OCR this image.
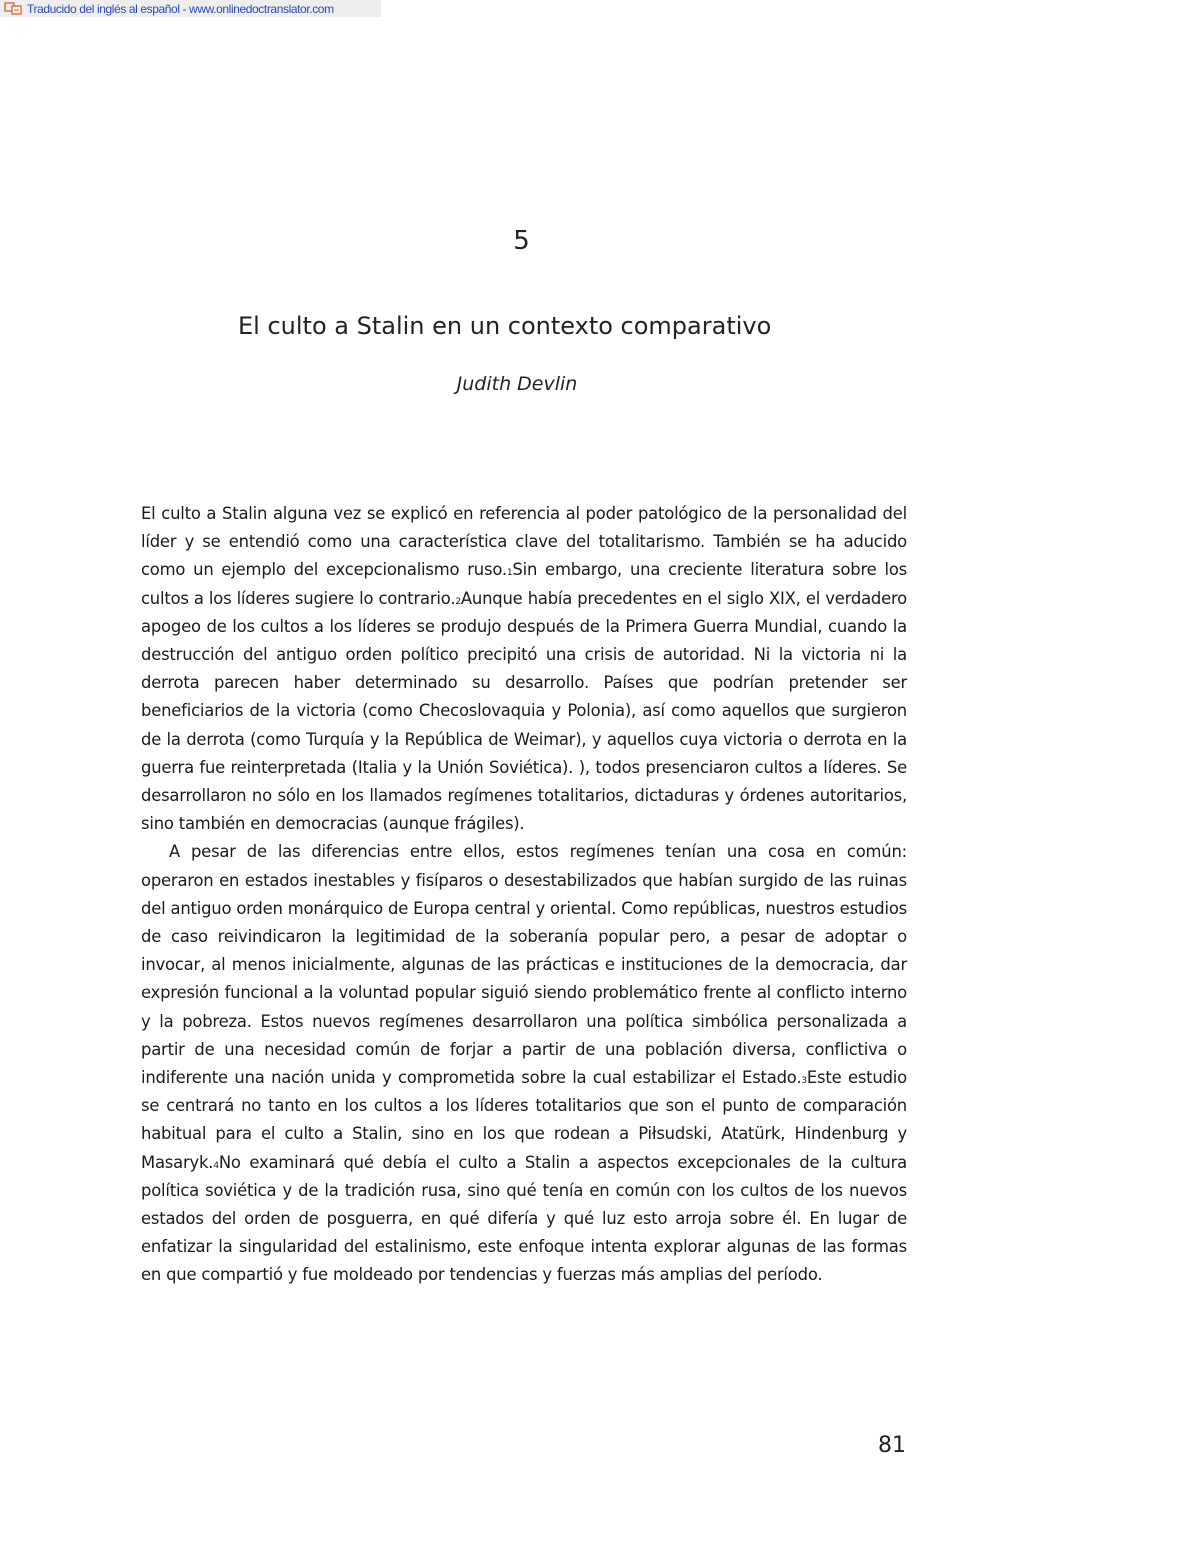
Traducido del inglés al español - www.onlinedoctranslator.com
5
El culto a Stalin en un contexto comparativo

Judith Devlin

El culto a Stalin alguna vez se explicó en referencia al poder patológico de la personalidad del líder y se entendió como una característica clave del totalitarismo. También se ha aducido como un ejemplo del excepcionalismo ruso.1Sin embargo, una creciente literatura sobre los cultos a los líderes sugiere lo contrario.2Aunque había precedentes en el siglo XIX, el verdadero apogeo de los cultos a los líderes se produjo después de la Primera Guerra Mundial, cuando la destrucción del antiguo orden político precipitó una crisis de autoridad. Ni la victoria ni la derrota parecen haber determinado su desarrollo. Países que podrían pretender ser beneficiarios de la victoria (como Checoslovaquia y Polonia), así como aquellos que surgieron de la derrota (como Turquía y la República de Weimar), y aquellos cuya victoria o derrota en la guerra fue reinterpretada (Italia y la Unión Soviética). ), todos presenciaron cultos a líderes. Se desarrollaron no sólo en los llamados regímenes totalitarios, dictaduras y órdenes autoritarios, sino también en democracias (aunque frágiles).

A pesar de las diferencias entre ellos, estos regímenes tenían una cosa en común: operaron en estados inestables y fisíparos o desestabilizados que habían surgido de las ruinas del antiguo orden monárquico de Europa central y oriental. Como repúblicas, nuestros estudios de caso reivindicaron la legitimidad de la soberanía popular pero, a pesar de adoptar o invocar, al menos inicialmente, algunas de las prácticas e instituciones de la democracia, dar expresión funcional a la voluntad popular siguió siendo problemático frente al conflicto interno y la pobreza. Estos nuevos regímenes desarrollaron una política simbólica personalizada a partir de una necesidad común de forjar a partir de una población diversa, conflictiva o indiferente una nación unida y comprometida sobre la cual estabilizar el Estado.3Este estudio se centrará no tanto en los cultos a los líderes totalitarios que son el punto de comparación habitual para el culto a Stalin, sino en los que rodean a Piłsudski, Atatürk, Hindenburg y Masaryk.4No examinará qué debía el culto a Stalin a aspectos excepcionales de la cultura política soviética y de la tradición rusa, sino qué tenía en común con los cultos de los nuevos estados del orden de posguerra, en qué difería y qué luz esto arroja sobre él. En lugar de enfatizar la singularidad del estalinismo, este enfoque intenta explorar algunas de las formas en que compartió y fue moldeado por tendencias y fuerzas más amplias del período.

81
